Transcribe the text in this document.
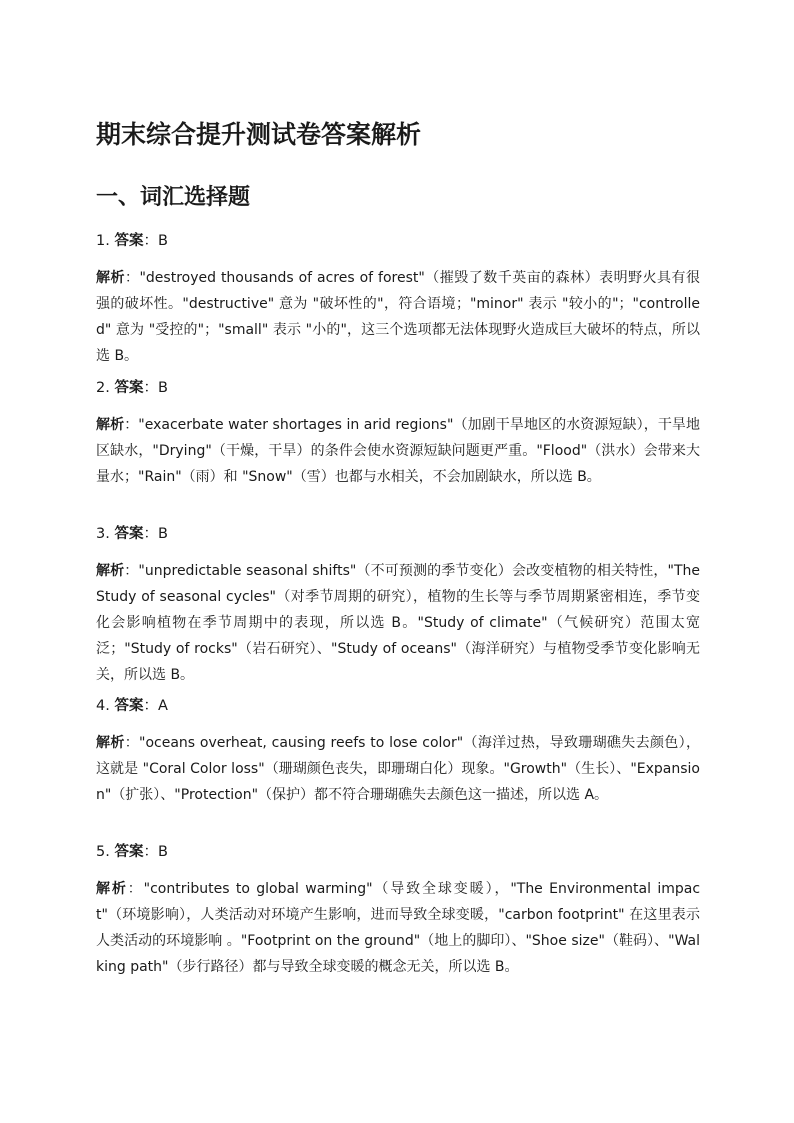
期末综合提升测试卷答案解析
一、词汇选择题
1. 答案：B
解析："destroyed thousands of acres of forest"（摧毁了数千英亩的森林）表明野火具有很强的破坏性。"destructive" 意为 "破坏性的"，符合语境；"minor" 表示 "较小的"；"controlled" 意为 "受控的"；"small" 表示 "小的"，这三个选项都无法体现野火造成巨大破坏的特点，所以选 B。
2. 答案：B
解析："exacerbate water shortages in arid regions"（加剧干旱地区的水资源短缺），干旱地区缺水，"Drying"（干燥，干旱）的条件会使水资源短缺问题更严重。"Flood"（洪水）会带来大量水；"Rain"（雨）和 "Snow"（雪）也都与水相关，不会加剧缺水，所以选 B。
3. 答案：B
解析："unpredictable seasonal shifts"（不可预测的季节变化）会改变植物的相关特性，"The Study of seasonal cycles"（对季节周期的研究），植物的生长等与季节周期紧密相连，季节变化会影响植物在季节周期中的表现，所以选 B。"Study of climate"（气候研究）范围太宽泛；"Study of rocks"（岩石研究）、"Study of oceans"（海洋研究）与植物受季节变化影响无关，所以选 B。
4. 答案：A
解析："oceans overheat, causing reefs to lose color"（海洋过热，导致珊瑚礁失去颜色），这就是 "Coral Color loss"（珊瑚颜色丧失，即珊瑚白化）现象。"Growth"（生长）、"Expansion"（扩张）、"Protection"（保护）都不符合珊瑚礁失去颜色这一描述，所以选 A。
5. 答案：B
解析："contributes to global warming"（导致全球变暖），"The Environmental impact"（环境影响），人类活动对环境产生影响，进而导致全球变暖，"carbon footprint" 在这里表示人类活动的环境影响 。"Footprint on the ground"（地上的脚印）、"Shoe size"（鞋码）、"Walking path"（步行路径）都与导致全球变暖的概念无关，所以选 B。
